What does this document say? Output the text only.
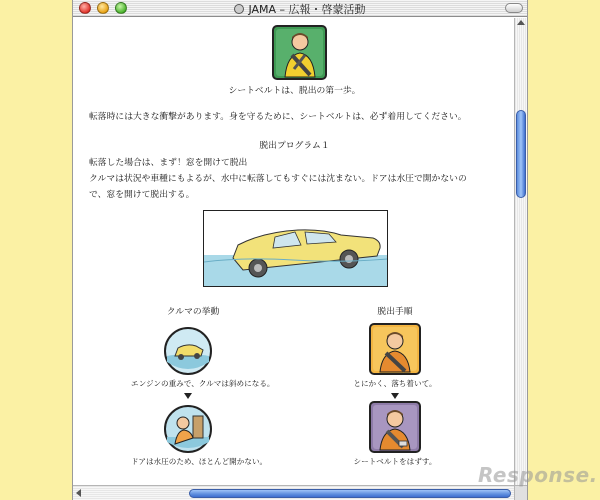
JAMA – 広報・啓蒙活動
シートベルトは、脱出の第一歩。
転落時には大きな衝撃があります。身を守るために、シートベルトは、必ず着用してください。
脱出プログラム１
転落した場合は、まず！窓を開けて脱出
クルマは状況や車種にもよるが、水中に転落してもすぐには沈まない。ドアは水圧で開かないの
で、窓を開けて脱出する。
クルマの挙動	脱出手順
エンジンの重みで、クルマは斜めになる。	とにかく、落ち着いて。
ドアは水圧のため、ほとんど開かない。	シートベルトをはずす。
Response.
